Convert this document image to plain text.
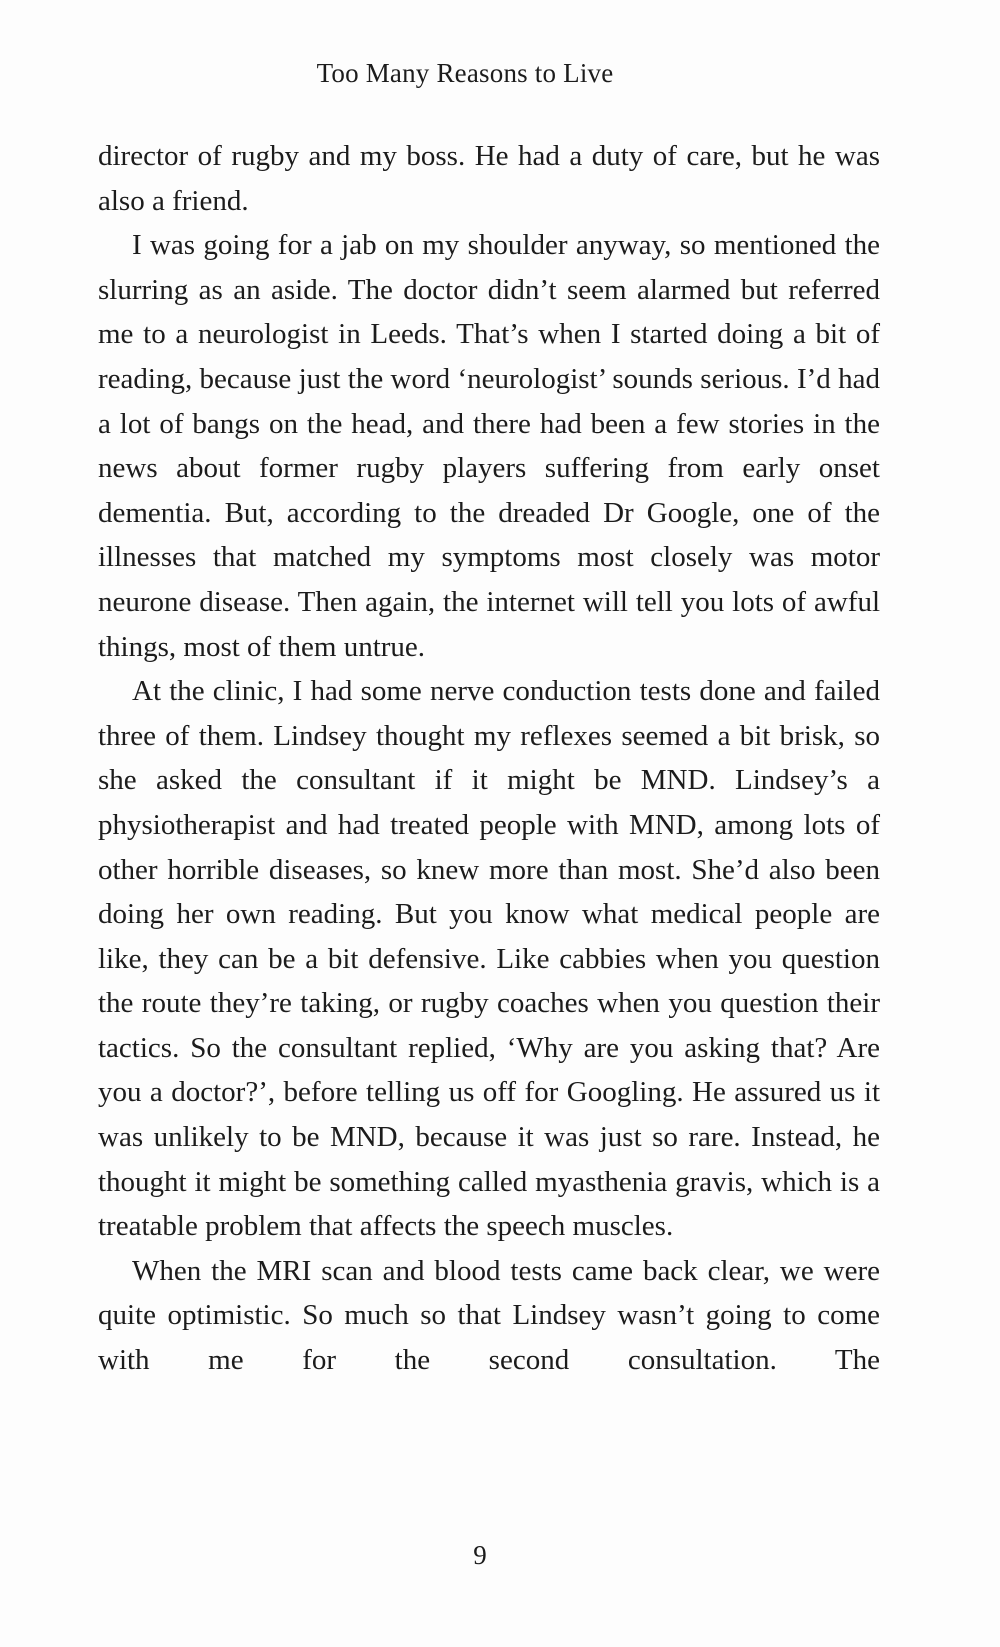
Too Many Reasons to Live

director of rugby and my boss. He had a duty of care, but he was also a friend.

I was going for a jab on my shoulder anyway, so mentioned the slurring as an aside. The doctor didn’t seem alarmed but referred me to a neurologist in Leeds. That’s when I started doing a bit of reading, because just the word ‘neurologist’ sounds serious. I’d had a lot of bangs on the head, and there had been a few stories in the news about former rugby players suffering from early onset dementia. But, according to the dreaded Dr Google, one of the illnesses that matched my symptoms most closely was motor neurone disease. Then again, the internet will tell you lots of awful things, most of them untrue.

At the clinic, I had some nerve conduction tests done and failed three of them. Lindsey thought my reflexes seemed a bit brisk, so she asked the consultant if it might be MND. Lindsey’s a physiotherapist and had treated people with MND, among lots of other horrible diseases, so knew more than most. She’d also been doing her own reading. But you know what medical people are like, they can be a bit defensive. Like cabbies when you question the route they’re taking, or rugby coaches when you question their tactics. So the consultant replied, ‘Why are you asking that? Are you a doctor?’, before telling us off for Googling. He assured us it was unlikely to be MND, because it was just so rare. Instead, he thought it might be something called myasthenia gravis, which is a treatable problem that affects the speech muscles.

When the MRI scan and blood tests came back clear, we were quite optimistic. So much so that Lindsey wasn’t going to come with me for the second consultation. The

9
